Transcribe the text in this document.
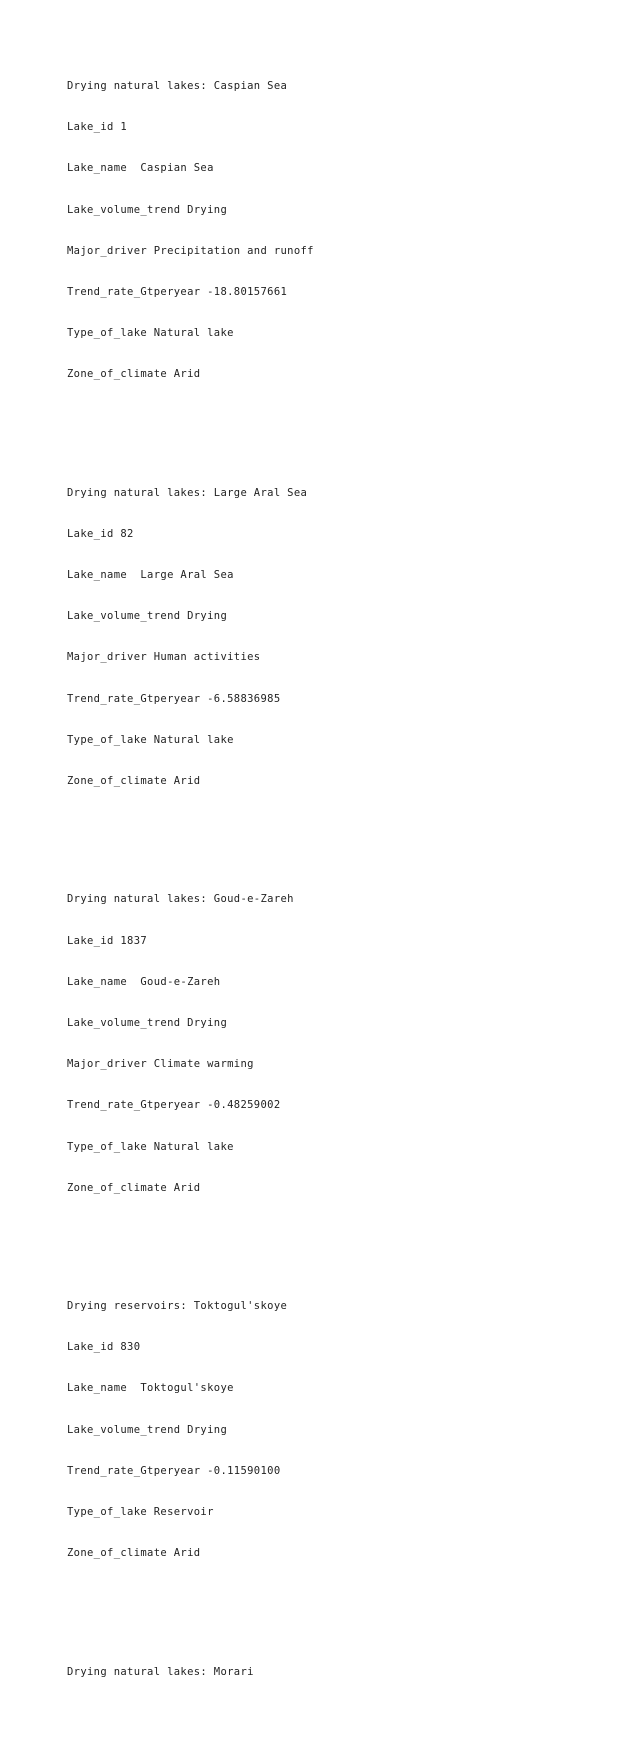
Drying natural lakes: Caspian Sea

Lake_id 1

Lake_name  Caspian Sea

Lake_volume_trend Drying

Major_driver Precipitation and runoff

Trend_rate_Gtperyear -18.80157661

Type_of_lake Natural lake

Zone_of_climate Arid

Drying natural lakes: Large Aral Sea

Lake_id 82

Lake_name  Large Aral Sea

Lake_volume_trend Drying

Major_driver Human activities

Trend_rate_Gtperyear -6.58836985

Type_of_lake Natural lake

Zone_of_climate Arid

Drying natural lakes: Goud-e-Zareh

Lake_id 1837

Lake_name  Goud-e-Zareh

Lake_volume_trend Drying

Major_driver Climate warming

Trend_rate_Gtperyear -0.48259002

Type_of_lake Natural lake

Zone_of_climate Arid

Drying reservoirs: Toktogul'skoye

Lake_id 830

Lake_name  Toktogul'skoye

Lake_volume_trend Drying

Trend_rate_Gtperyear -0.11590100

Type_of_lake Reservoir

Zone_of_climate Arid

Drying natural lakes: Morari
